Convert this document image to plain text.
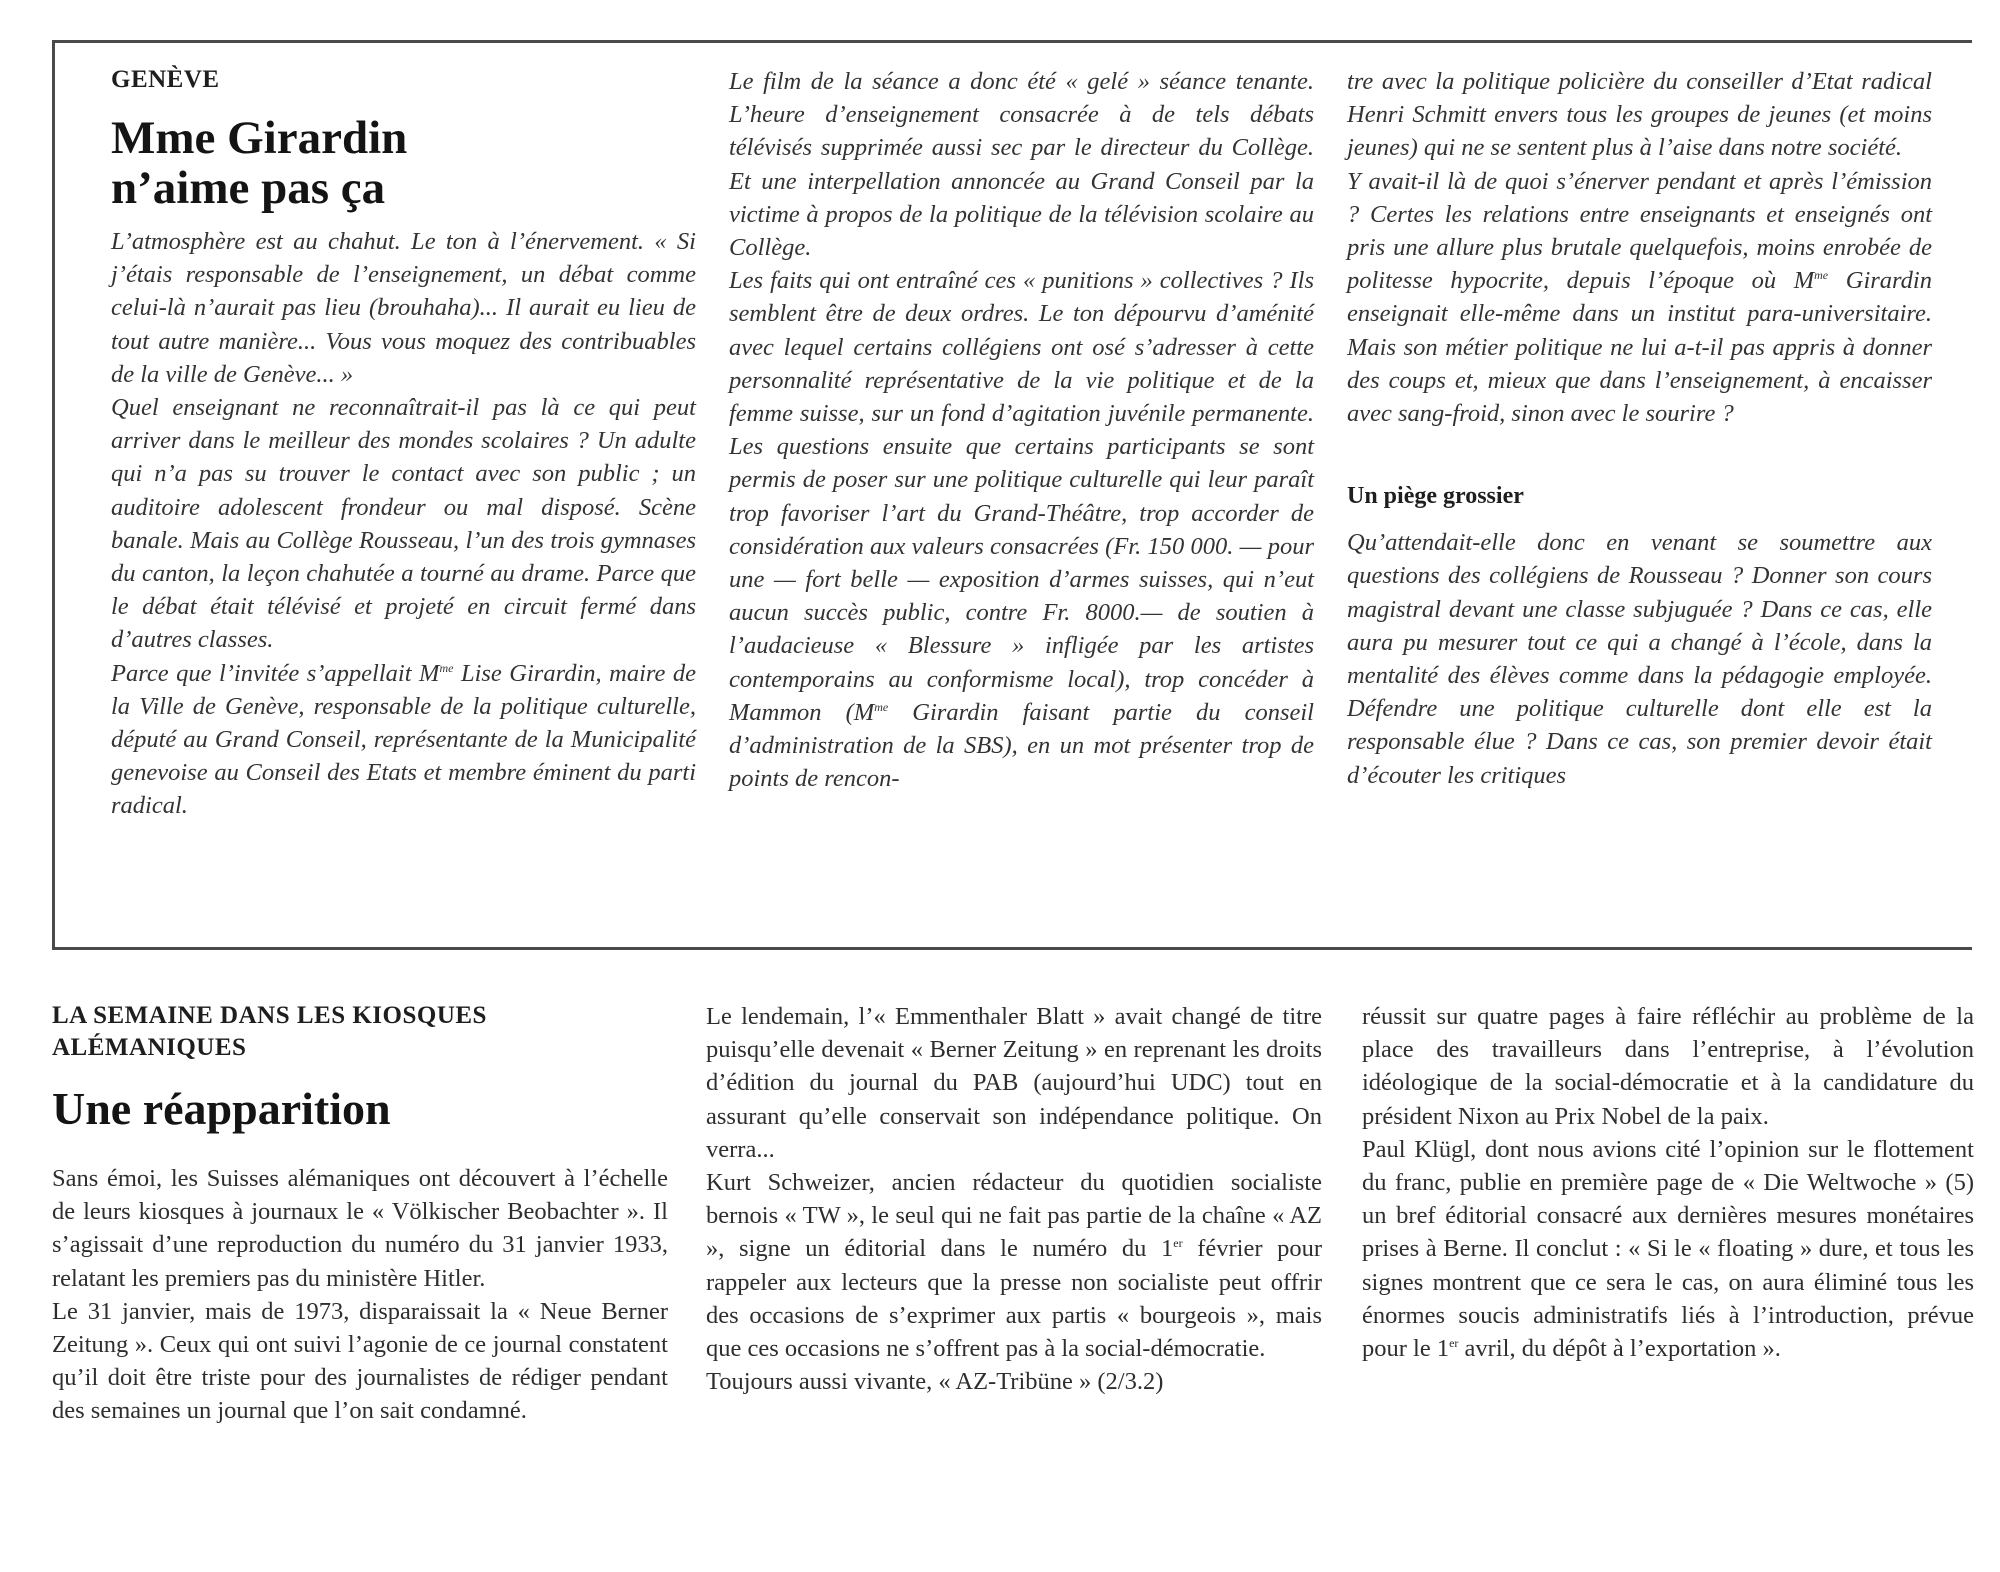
GENÈVE
Mme Girardin
n’aime pas ça

L’atmosphère est au chahut. Le ton à l’énervement. « Si j’étais responsable de l’enseignement, un débat comme celui-là n’aurait pas lieu (brouhaha)... Il aurait eu lieu de tout autre manière... Vous vous moquez des contribuables de la ville de Genève... »

Quel enseignant ne reconnaîtrait-il pas là ce qui peut arriver dans le meilleur des mondes scolaires ? Un adulte qui n’a pas su trouver le contact avec son public ; un auditoire adolescent frondeur ou mal disposé. Scène banale. Mais au Collège Rousseau, l’un des trois gymnases du canton, la leçon chahutée a tourné au drame. Parce que le débat était télévisé et projeté en circuit fermé dans d’autres classes.

Parce que l’invitée s’appellait $M^{me}$ Lise Girardin, maire de la Ville de Genève, responsable de la politique culturelle, député au Grand Conseil, représentante de la Municipalité genevoise au Conseil des Etats et membre éminent du parti radical.

Le film de la séance a donc été « gelé » séance tenante. L’heure d’enseignement consacrée à de tels débats télévisés supprimée aussi sec par le directeur du Collège. Et une interpellation annoncée au Grand Conseil par la victime à propos de la politique de la télévision scolaire au Collège.

Les faits qui ont entraîné ces « punitions » collectives ? Ils semblent être de deux ordres. Le ton dépourvu d’aménité avec lequel certains collégiens ont osé s’adresser à cette personnalité représentative de la vie politique et de la femme suisse, sur un fond d’agitation juvénile permanente. Les questions ensuite que certains participants se sont permis de poser sur une politique culturelle qui leur paraît trop favoriser l’art du Grand-Théâtre, trop accorder de considération aux valeurs consacrées (Fr. 150 000. — pour une — fort belle — exposition d’armes suisses, qui n’eut aucun succès public, contre Fr. 8000.— de soutien à l’audacieuse « Blessure » infligée par les artistes contemporains au conformisme local), trop concéder à Mammon ($M^{me}$ Girardin faisant partie du conseil d’administration de la SBS), en un mot présenter trop de points de rencon-

tre avec la politique policière du conseiller d’Etat radical Henri Schmitt envers tous les groupes de jeunes (et moins jeunes) qui ne se sentent plus à l’aise dans notre société.

Y avait-il là de quoi s’énerver pendant et après l’émission ? Certes les relations entre enseignants et enseignés ont pris une allure plus brutale quelquefois, moins enrobée de politesse hypocrite, depuis l’époque où $M^{me}$ Girardin enseignait elle-même dans un institut para-universitaire. Mais son métier politique ne lui a-t-il pas appris à donner des coups et, mieux que dans l’enseignement, à encaisser avec sang-froid, sinon avec le sourire ?

Un piège grossier

Qu’attendait-elle donc en venant se soumettre aux questions des collégiens de Rousseau ? Donner son cours magistral devant une classe subjuguée ? Dans ce cas, elle aura pu mesurer tout ce qui a changé à l’école, dans la mentalité des élèves comme dans la pédagogie employée. Défendre une politique culturelle dont elle est la responsable élue ? Dans ce cas, son premier devoir était d’écouter les critiques

LA SEMAINE DANS LES KIOSQUES ALÉMANIQUES
Une réapparition

Sans émoi, les Suisses alémaniques ont découvert à l’échelle de leurs kiosques à journaux le « Völkischer Beobachter ». Il s’agissait d’une reproduction du numéro du 31 janvier 1933, relatant les premiers pas du ministère Hitler.

Le 31 janvier, mais de 1973, disparaissait la « Neue Berner Zeitung ». Ceux qui ont suivi l’agonie de ce journal constatent qu’il doit être triste pour des journalistes de rédiger pendant des semaines un journal que l’on sait condamné.

Le lendemain, l’« Emmenthaler Blatt » avait changé de titre puisqu’elle devenait « Berner Zeitung » en reprenant les droits d’édition du journal du PAB (aujourd’hui UDC) tout en assurant qu’elle conservait son indépendance politique. On verra...

Kurt Schweizer, ancien rédacteur du quotidien socialiste bernois « TW », le seul qui ne fait pas partie de la chaîne « AZ », signe un éditorial dans le numéro du 1er février pour rappeler aux lecteurs que la presse non socialiste peut offrir des occasions de s’exprimer aux partis « bourgeois », mais que ces occasions ne s’offrent pas à la social-démocratie.

Toujours aussi vivante, « AZ-Tribüne » (2/3.2)

réussit sur quatre pages à faire réfléchir au problème de la place des travailleurs dans l’entreprise, à l’évolution idéologique de la social-démocratie et à la candidature du président Nixon au Prix Nobel de la paix.

Paul Klügl, dont nous avions cité l’opinion sur le flottement du franc, publie en première page de « Die Weltwoche » (5) un bref éditorial consacré aux dernières mesures monétaires prises à Berne. Il conclut : « Si le « floating » dure, et tous les signes montrent que ce sera le cas, on aura éliminé tous les énormes soucis administratifs liés à l’introduction, prévue pour le 1er avril, du dépôt à l’exportation ».
